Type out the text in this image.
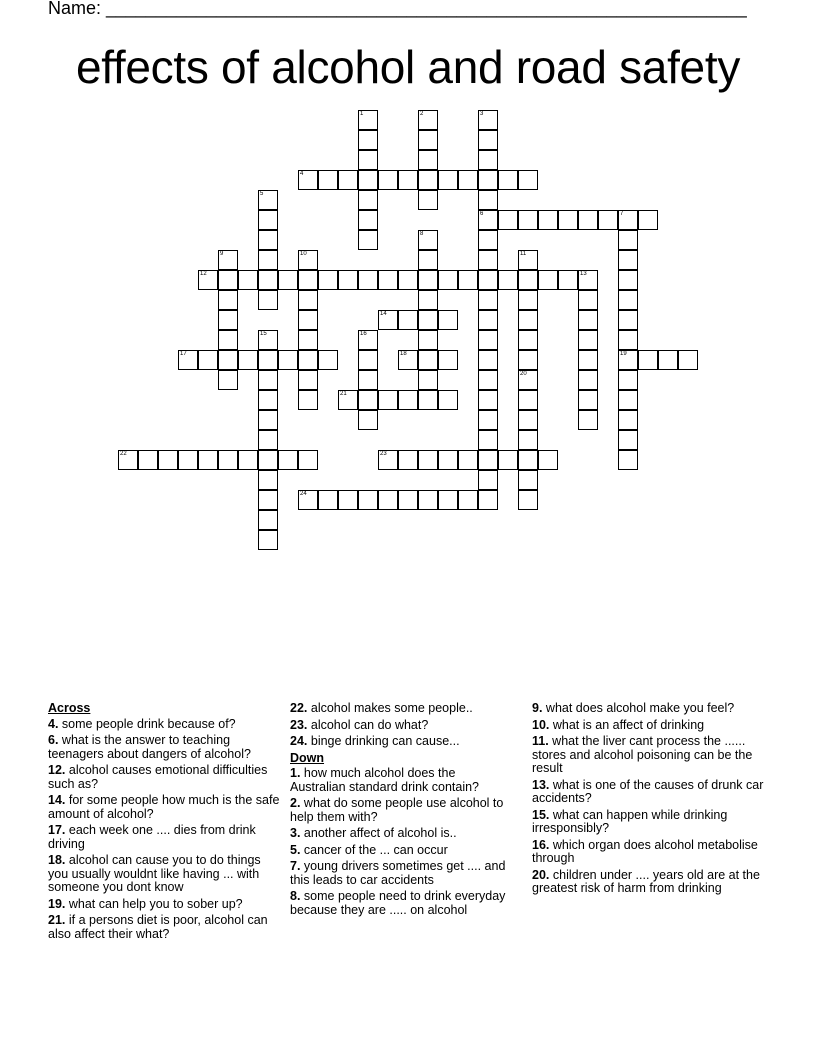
Name: ________________________________________________________________
effects of alcohol and road safety
1	2	3
6
4
5
7
19
8
9	10	11
12	13
14
15	16
17	18
20
21
22	23
24
Across
4. some people drink because of?
6. what is the answer to teaching teenagers about dangers of alcohol?
12. alcohol causes emotional difficulties such as?
14. for some people how much is the safe amount of alcohol?
17. each week one .... dies from drink driving
18. alcohol can cause you to do things you usually wouldnt like having ... with someone you dont know
19. what can help you to sober up?
21. if a persons diet is poor, alcohol can also affect their what?
22. alcohol makes some people..
23. alcohol can do what?
24. binge drinking can cause...
Down
1. how much alcohol does the Australian standard drink contain?
2. what do some people use alcohol to help them with?
3. another affect of alcohol is..
5. cancer of the ... can occur
7. young drivers sometimes get .... and this leads to car accidents
8. some people need to drink everyday because they are ..... on alcohol
9. what does alcohol make you feel?
10. what is an affect of drinking
11. what the liver cant process the ...... stores and alcohol poisoning can be the result
13. what is one of the causes of drunk car accidents?
15. what can happen while drinking irresponsibly?
16. which organ does alcohol metabolise through
20. children under .... years old are at the greatest risk of harm from drinking
